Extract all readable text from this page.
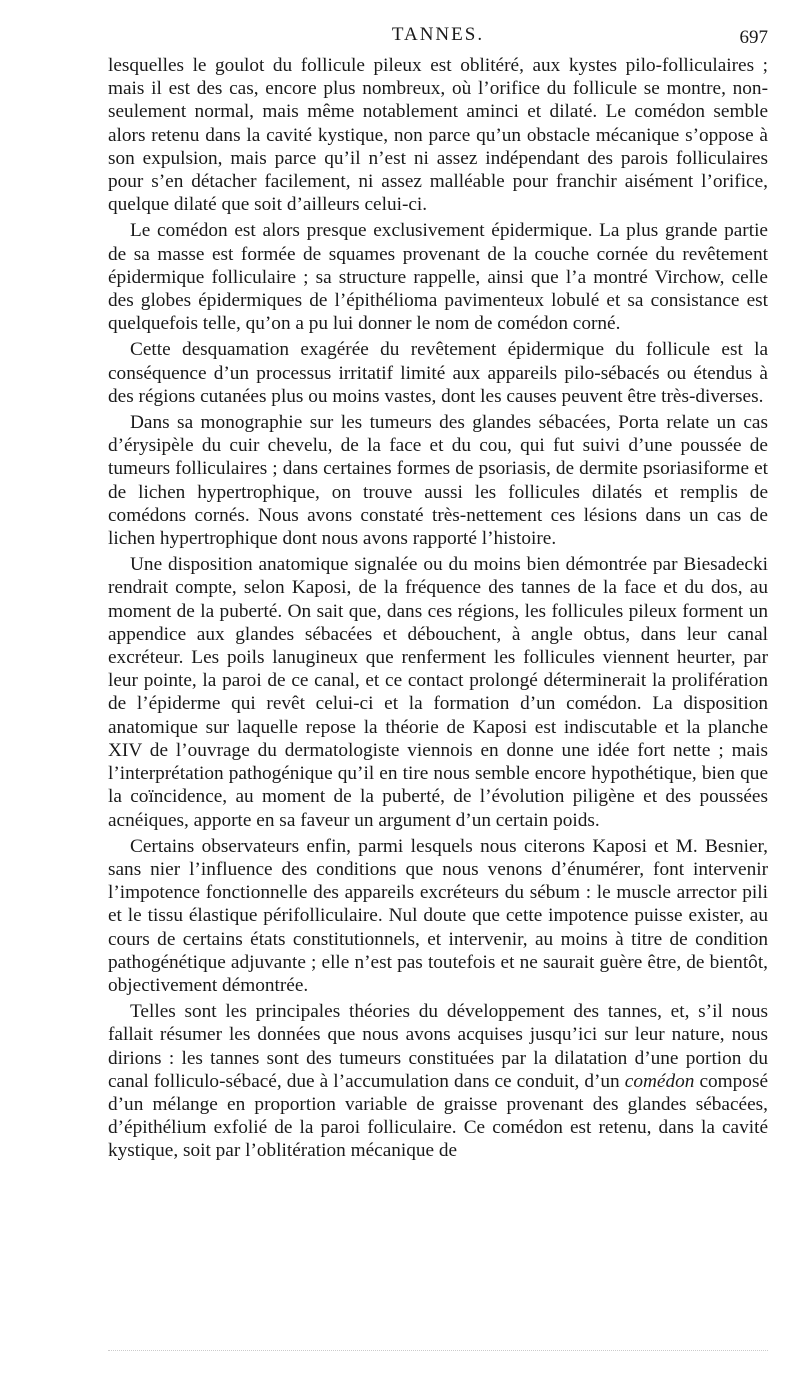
TANNES.	697

lesquelles le goulot du follicule pileux est oblitéré, aux kystes pilo-folliculaires ; mais il est des cas, encore plus nombreux, où l’orifice du follicule se montre, non-seulement normal, mais même notablement aminci et dilaté. Le comédon semble alors retenu dans la cavité kystique, non parce qu’un obstacle mécanique s’oppose à son expulsion, mais parce qu’il n’est ni assez indépendant des parois folliculaires pour s’en détacher facilement, ni assez malléable pour franchir aisément l’orifice, quelque dilaté que soit d’ailleurs celui-ci.

Le comédon est alors presque exclusivement épidermique. La plus grande partie de sa masse est formée de squames provenant de la couche cornée du revêtement épidermique folliculaire ; sa structure rappelle, ainsi que l’a montré Virchow, celle des globes épidermiques de l’épithélioma pavimenteux lobulé et sa consistance est quelquefois telle, qu’on a pu lui donner le nom de comédon corné.

Cette desquamation exagérée du revêtement épidermique du follicule est la conséquence d’un processus irritatif limité aux appareils pilo-sébacés ou étendus à des régions cutanées plus ou moins vastes, dont les causes peuvent être très-diverses.

Dans sa monographie sur les tumeurs des glandes sébacées, Porta relate un cas d’érysipèle du cuir chevelu, de la face et du cou, qui fut suivi d’une poussée de tumeurs folliculaires ; dans certaines formes de psoriasis, de dermite psoriasiforme et de lichen hypertrophique, on trouve aussi les follicules dilatés et remplis de comédons cornés. Nous avons constaté très-nettement ces lésions dans un cas de lichen hypertrophique dont nous avons rapporté l’histoire.

Une disposition anatomique signalée ou du moins bien démontrée par Biesadecki rendrait compte, selon Kaposi, de la fréquence des tannes de la face et du dos, au moment de la puberté. On sait que, dans ces régions, les follicules pileux forment un appendice aux glandes sébacées et débouchent, à angle obtus, dans leur canal excréteur. Les poils lanugineux que renferment les follicules viennent heurter, par leur pointe, la paroi de ce canal, et ce contact prolongé déterminerait la prolifération de l’épiderme qui revêt celui-ci et la formation d’un comédon. La disposition anatomique sur laquelle repose la théorie de Kaposi est indiscutable et la planche XIV de l’ouvrage du dermatologiste viennois en donne une idée fort nette ; mais l’interprétation pathogénique qu’il en tire nous semble encore hypothétique, bien que la coïncidence, au moment de la puberté, de l’évolution piligène et des poussées acnéiques, apporte en sa faveur un argument d’un certain poids.

Certains observateurs enfin, parmi lesquels nous citerons Kaposi et M. Besnier, sans nier l’influence des conditions que nous venons d’énumérer, font intervenir l’impotence fonctionnelle des appareils excréteurs du sébum : le muscle arrector pili et le tissu élastique périfolliculaire. Nul doute que cette impotence puisse exister, au cours de certains états constitutionnels, et intervenir, au moins à titre de condition pathogénétique adjuvante ; elle n’est pas toutefois et ne saurait guère être, de bientôt, objectivement démontrée.

Telles sont les principales théories du développement des tannes, et, s’il nous fallait résumer les données que nous avons acquises jusqu’ici sur leur nature, nous dirions : les tannes sont des tumeurs constituées par la dilatation d’une portion du canal folliculo-sébacé, due à l’accumulation dans ce conduit, d’un comédon composé d’un mélange en proportion variable de graisse provenant des glandes sébacées, d’épithélium exfolié de la paroi folliculaire. Ce comédon est retenu, dans la cavité kystique, soit par l’oblitération mécanique de
